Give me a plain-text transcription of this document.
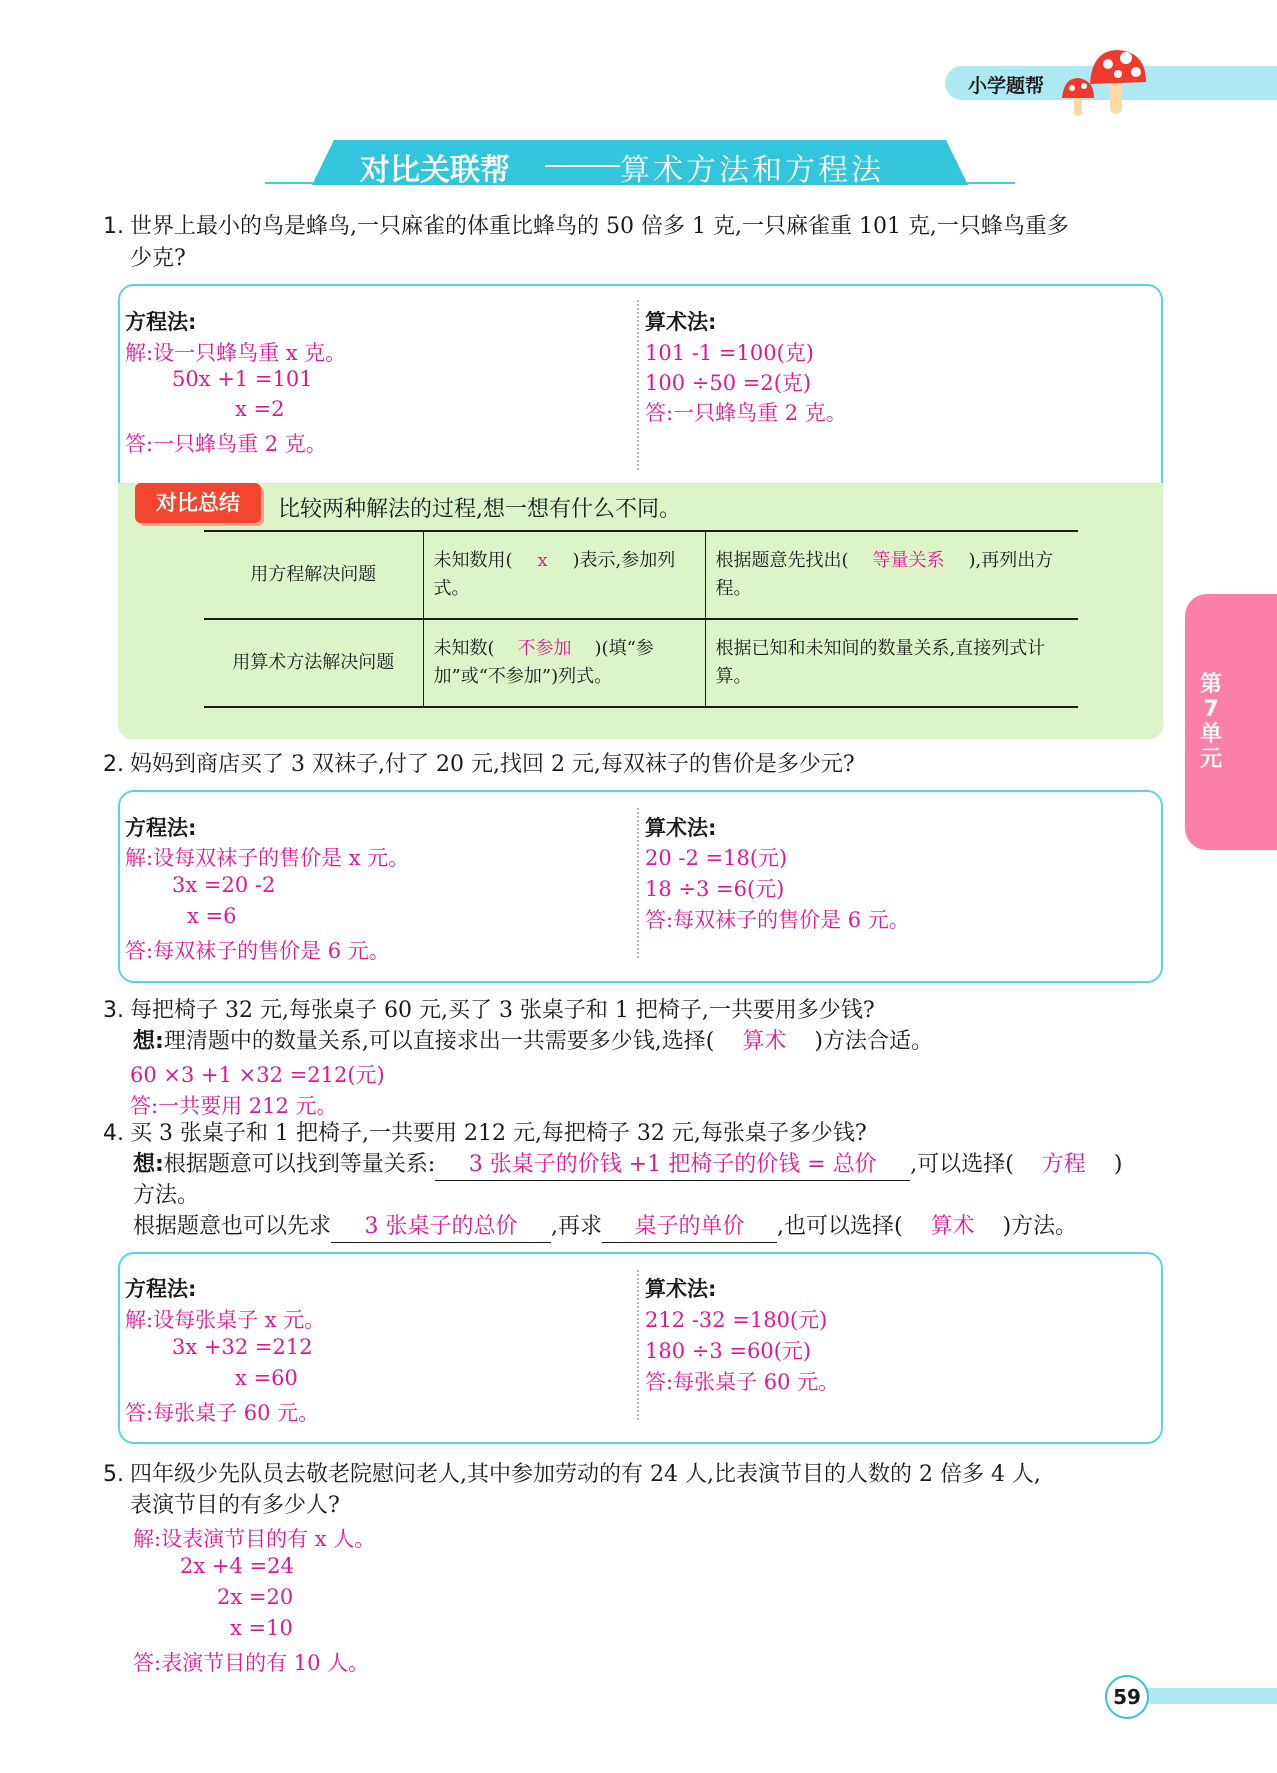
小学题帮
对比关联帮	算术方法和方程法
1. 世界上最小的鸟是蜂鸟,一只麻雀的体重比蜂鸟的 50 倍多 1 克,一只麻雀重 101 克,一只蜂鸟重多
少克?
方程法:
解:设一只蜂鸟重 x 克。
50x +1 =101
x =2
答:一只蜂鸟重 2 克。
算术法:
101 -1 =100(克)
100 ÷50 =2(克)
答:一只蜂鸟重 2 克。
对比总结	比较两种解法的过程,想一想有什么不同。
用方程解决问题	未知数用( x )表示,参加列式。	根据题意先找出( 等量关系 ),再列出方程。
用算术方法解决问题	未知数( 不参加 )(填“参加”或“不参加”)列式。	根据已知和未知间的数量关系,直接列式计算。	第
7
单
元
2. 妈妈到商店买了 3 双袜子,付了 20 元,找回 2 元,每双袜子的售价是多少元?
方程法:
解:设每双袜子的售价是 x 元。
3x =20 -2
x =6
答:每双袜子的售价是 6 元。
算术法:
20 -2 =18(元)
18 ÷3 =6(元)
答:每双袜子的售价是 6 元。
3. 每把椅子 32 元,每张桌子 60 元,买了 3 张桌子和 1 把椅子,一共要用多少钱?
想:理清题中的数量关系,可以直接求出一共需要多少钱,选择( 算术 )方法合适。
60 ×3 +1 ×32 =212(元)
答:一共要用 212 元。
4. 买 3 张桌子和 1 把椅子,一共要用 212 元,每把椅子 32 元,每张桌子多少钱?
想:根据题意可以找到等量关系: 3 张桌子的价钱 +1 把椅子的价钱 = 总价 ,可以选择( 方程 )
方法。
根据题意也可以先求 3 张桌子的总价 ,再求 桌子的单价 ,也可以选择( 算术 )方法。
方程法:
解:设每张桌子 x 元。
3x +32 =212
x =60
答:每张桌子 60 元。
算术法:
212 -32 =180(元)
180 ÷3 =60(元)
答:每张桌子 60 元。
5. 四年级少先队员去敬老院慰问老人,其中参加劳动的有 24 人,比表演节目的人数的 2 倍多 4 人,
表演节目的有多少人?
解:设表演节目的有 x 人。
2x +4 =24
2x =20
x =10
答:表演节目的有 10 人。
59
